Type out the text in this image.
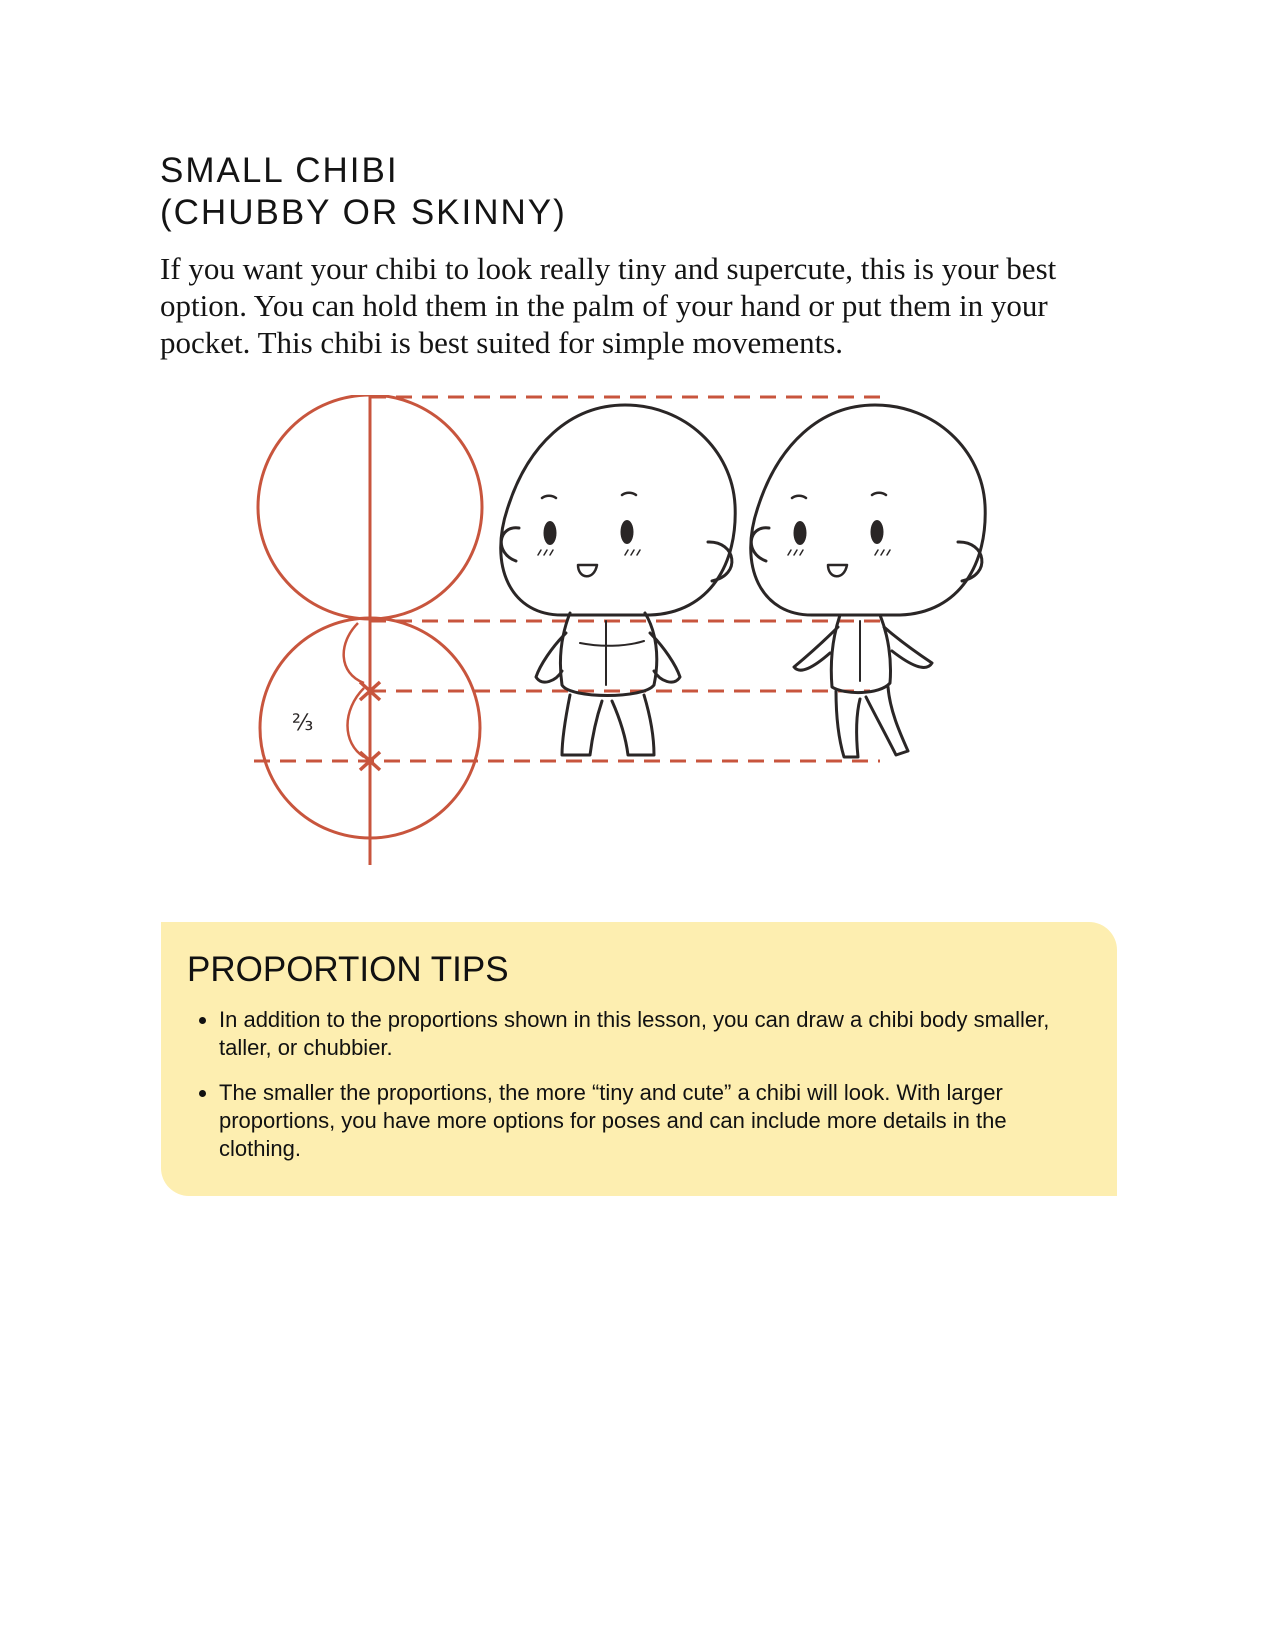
SMALL CHIBI
(CHUBBY OR SKINNY)

If you want your chibi to look really tiny and supercute, this is your best option. You can hold them in the palm of your hand or put them in your pocket. This chibi is best suited for simple movements.

⅔
PROPORTION TIPS
• In addition to the proportions shown in this lesson, you can draw a chibi body smaller, taller, or chubbier.
• The smaller the proportions, the more “tiny and cute” a chibi will look. With larger proportions, you have more options for poses and can include more details in the clothing.
